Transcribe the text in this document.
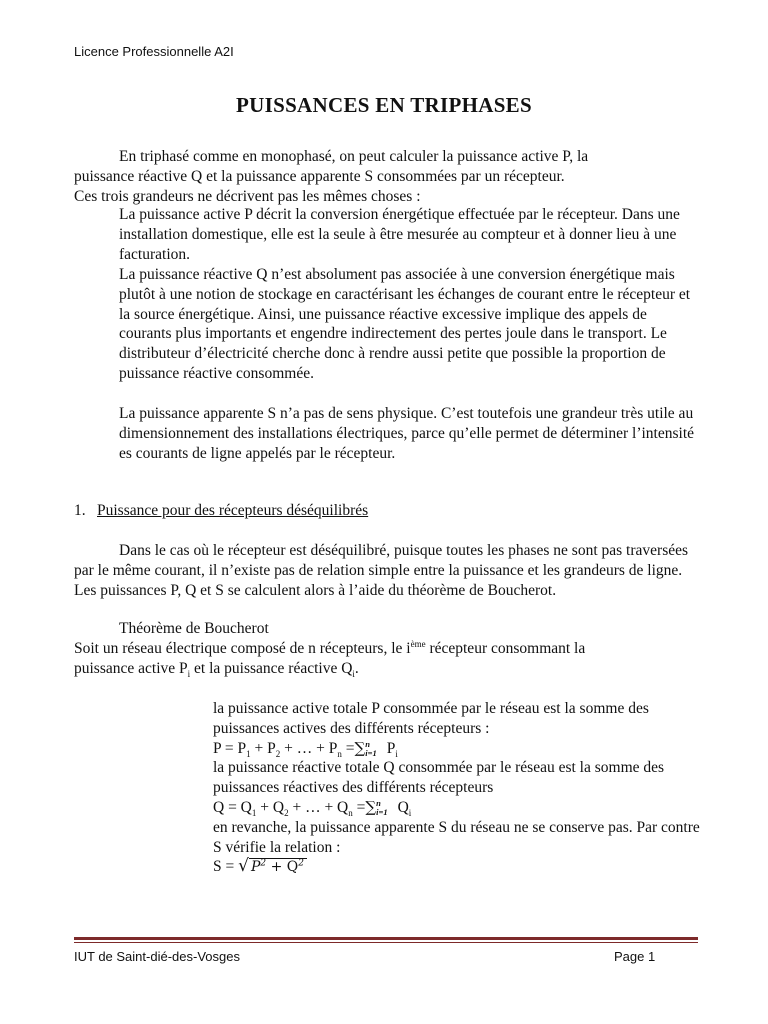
Licence Professionnelle A2I
PUISSANCES EN TRIPHASES
En triphasé comme en monophasé, on peut calculer la puissance active P, la
puissance réactive Q et la puissance apparente S consommées par un récepteur.
Ces trois grandeurs ne décrivent pas les mêmes choses :
La puissance active P décrit la conversion énergétique effectuée par le récepteur. Dans une installation domestique, elle est la seule à être mesurée au compteur et à donner lieu à une facturation.
La puissance réactive Q n’est absolument pas associée à une conversion énergétique mais plutôt à une notion de stockage en caractérisant les échanges de courant entre le récepteur et la source énergétique. Ainsi, une puissance réactive excessive implique des appels de courants plus importants et engendre indirectement des pertes joule dans le transport. Le distributeur d’électricité cherche donc à rendre aussi petite que possible la proportion de puissance réactive consommée.
La puissance apparente S n’a pas de sens physique. C’est toutefois une grandeur très utile au dimensionnement des installations électriques, parce qu’elle permet de déterminer l’intensité es courants de ligne appelés par le récepteur.
1. Puissance pour des récepteurs déséquilibrés
Dans le cas où le récepteur est déséquilibré, puisque toutes les phases ne sont pas traversées par le même courant, il n’existe pas de relation simple entre la puissance et les grandeurs de ligne. Les puissances P, Q et S se calculent alors à l’aide du théorème de Boucherot.
Théorème de Boucherot
Soit un réseau électrique composé de n récepteurs, le $i^{ème}$ récepteur consommant la
puissance active $P_i$ et la puissance réactive $Q_i$.
la puissance active totale P consommée par le réseau est la somme des puissances actives des différents récepteurs :
$P = P_1 + P_2$ + … + $P_n$ =∑ n
i=1 $P_i$
la puissance réactive totale Q consommée par le réseau est la somme des puissances réactives des différents récepteurs
$Q = Q_1 + Q_2$ + … + $Q_n$ =∑ n
i=1 $Q_i$
en revanche, la puissance apparente S du réseau ne se conserve pas. Par contre S vérifie la relation :
S = √ $P^2 + Q^2$
IUT de Saint-dié-des-Vosges	Page 1
